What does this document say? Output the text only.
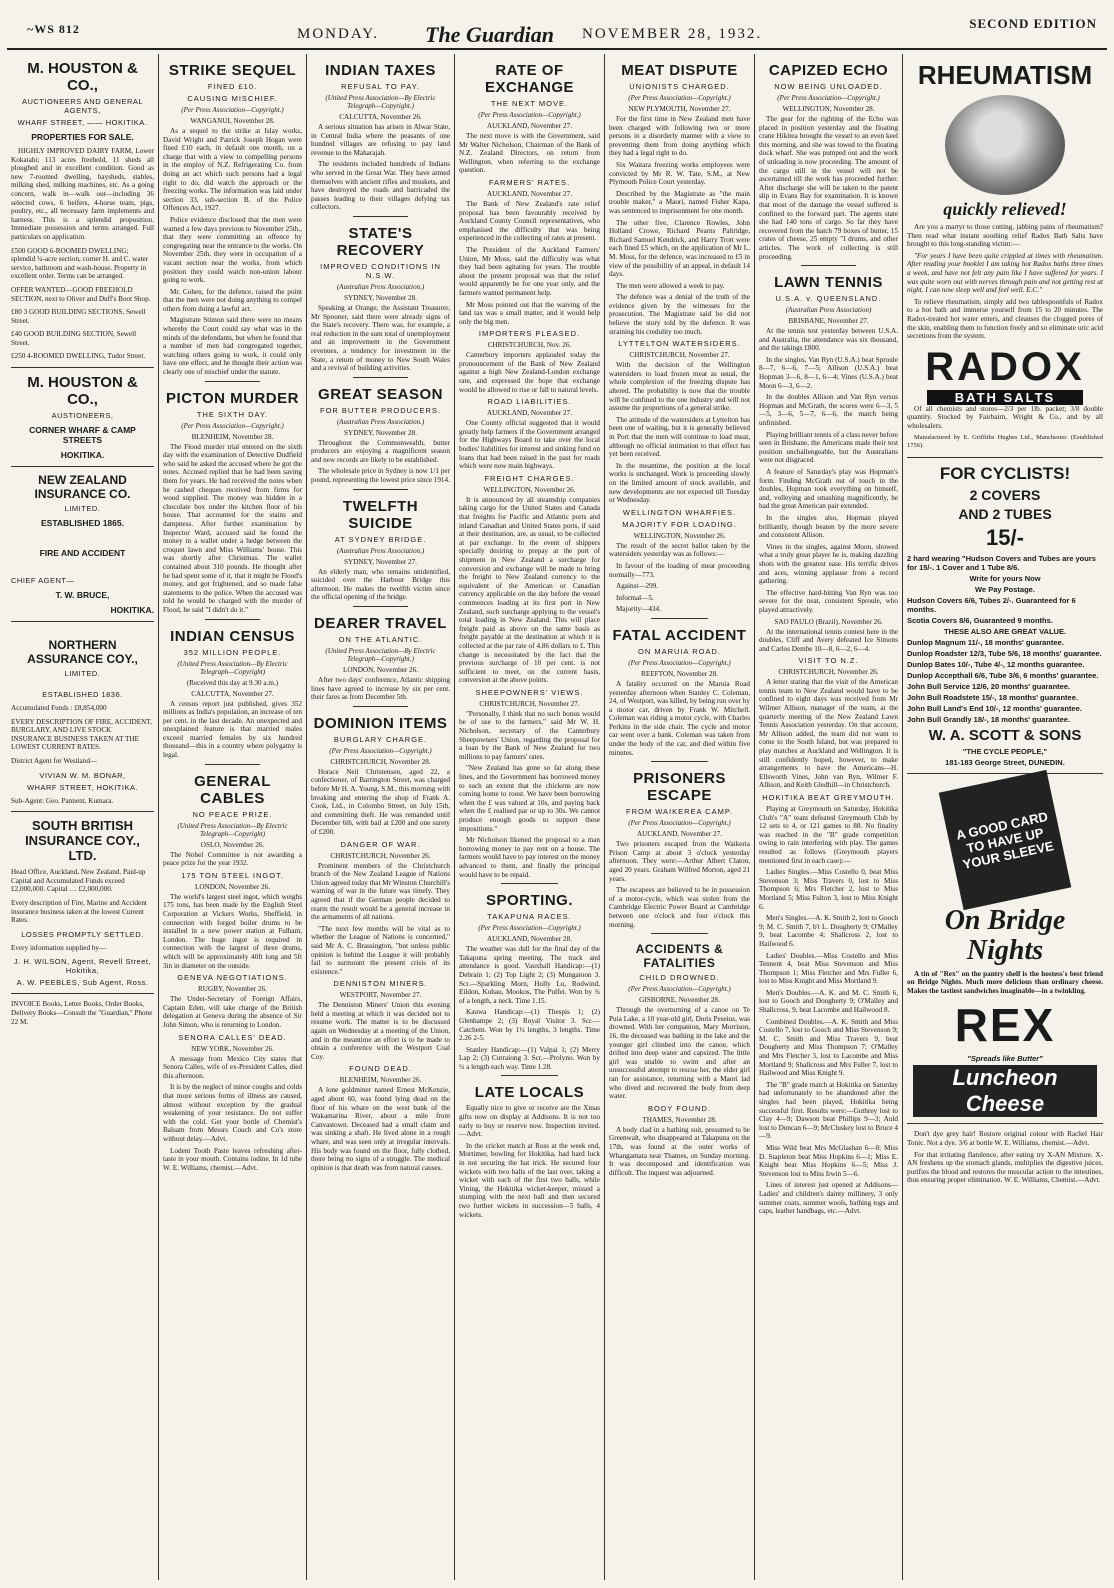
~WS 812	MONDAY. The Guardian NOVEMBER 28, 1932.
SECOND EDITION
M. HOUSTON & CO.,
AUCTIONEERS AND GENERAL AGENTS,
WHARF STREET, —— HOKITIKA.
PROPERTIES FOR SALE.

HIGHLY IMPROVED DAIRY FARM, Lower Kokatahi; 113 acres freehold, 11 sheds all ploughed and in excellent condition. Good as new 7-roomed dwelling, haysheds, stables, milking shed, milking machines, etc. As a going concern, walk in—walk out—including 36 selected cows, 6 heifers, 4-horse team, pigs, poultry, etc., all necessary farm implements and harness. This is a splendid proposition. Immediate possession and terms arranged. Full particulars on application.

£500 GOOD 6-ROOMED DWELLING; splendid ¼-acre section, corner H. and C. water service, bathroom and wash-house. Property in excellent order. Terms can be arranged.
OFFER WANTED—GOOD FREEHOLD SECTION, next to Oliver and Duff's Boot Shop.
£80 3 GOOD BUILDING SECTIONS, Sewell Street.
£40 GOOD BUILDING SECTION, Sewell Street.
£250 4-ROOMED DWELLING, Tudor Street.
M. HOUSTON & CO.,
AUSTIONEERS,
CORNER WHARF & CAMP STREETS
HOKITIKA.
NEW ZEALAND INSURANCE CO.
LIMITED.
ESTABLISHED 1865.
FIRE AND ACCIDENT
CHIEF AGENT—
T. W. BRUCE,
HOKITIKA.
NORTHERN ASSURANCE COY.,
LIMITED.
ESTABLISHED 1836.
Accumulated Funds : £8,854,000
EVERY DESCRIPTION OF FIRE, ACCIDENT, BURGLARY, AND LIVE STOCK INSURANCE BUSINESS TAKEN AT THE LOWEST CURRENT RATES.
District Agent for Westland—
VIVIAN W. M. BONAR,
WHARF STREET, HOKITIKA.
Sub-Agent: Geo. Pannent, Kumara.
SOUTH BRITISH INSURANCE COY., LTD.
Head Office, Auckland, New Zealand. Paid-up Capital and Accumulated Funds exceed £2,000,000. Capital … £2,000,000.
Every description of Fire, Marine and Accident insurance business taken at the lowest Current Rates.
LOSSES PROMPTLY SETTLED.
Every information supplied by—
J. H. WILSON, Agent, Revell Street, Hokitika,
A. W. PEEBLES, Sub Agent, Ross.
INVOICE Books, Letter Books, Order Books, Delivery Books—Consult the "Guardian," Phone 22 M.
STRIKE SEQUEL
FINED £10.
CAUSING MISCHIEF.
(Per Press Association—Copyright.)
WANGANUI, November 28.

As a sequel to the strike at Islay works, David Wright and Patrick Joseph Hogan were fined £10 each, in default one month, on a charge that with a view to compelling persons in the employ of N.Z. Refrigerating Co. from doing an act which such persons had a legal right to do, did watch the approach or the freezing works. The information was laid under section 33, sub-section B. of the Police Offences Act, 1927.

Police evidence disclosed that the men were warned a few days previous to November 25th., that they were committing an offence by congregating near the entrance to the works. On November 25th. they were in occupation of a vacant section near the works, from which position they could watch non-union labour going to work.

Mr. Cohen, for the defence, raised the point that the men were not doing anything to compel others from doing a lawful act.

Magistrate Stimon said there were no means whereby the Court could say what was in the minds of the defendants, but when he found that a number of men had congregated together, watching others going to work, it could only have one effect, and he thought their action was clearly one of mischief under the statute.

PICTON MURDER
THE SIXTH DAY.
(Per Press Association—Copyright.)
BLENHEIM, November 28.

The Flood murder trial entered on the sixth day with the examination of Detective Dudfield who said he asked the accused where he got the notes. Accused replied that he had been saving them for years. He had received the notes when he cashed cheques received from firms for wood supplied. The money was hidden in a chocolate box under the kitchen floor of his house. That accounted for the stains and dampness. After further examination by Inspector Ward, accused said he found the money in a wallet under a hedge between the croquet lawn and Miss Williams' house. This was shortly after Christmas. The wallet contained about 310 pounds. He thought after he had spent some of it, that it might be Flood's money, and got frightened, and so made false statements to the police. When the accused was told he would be charged with the murder of Flood, he said "I didn't do it."

INDIAN CENSUS
352 MILLION PEOPLE.
(United Press Association—By Electric Telegraph—Copyright)
(Received this day at 9.30 a.m.)
CALCUTTA, November 27.

A census report just published, gives 352 millions as India's population, an increase of ten per cent. in the last decade. An unexpected and unexplained feature is that married males exceed married females by six hundred thousand—this in a country where polygamy is legal.

GENERAL CABLES
NO PEACE PRIZE.
(United Press Association—By Electric Telegraph—Copyright)
OSLO, November 26.

The Nobel Committee is not awarding a peace prize for the year 1932.

175 TON STEEL INGOT.
LONDON, November 26.

The world's largest steel ingot, which weighs 175 tons, has been made by the English Steel Corporation at Vickers Works, Sheffield, in connection with forged boiler drums to be installed in a new power station at Fulham, London. The huge ingot is required in connection with the largest of three drums, which will be approximately 40ft long and 5ft 3in in diameter on the outside.

GENEVA NEGOTIATIONS.
RUGBY, November 26.

The Under-Secretary of Foreign Affairs, Captain Eden, will take charge of the British delegation at Geneva during the absence of Sir John Simon, who is returning to London.

SENORA CALLES' DEAD.
NEW YORK, November 26.

A message from Mexico City states that Senora Calles, wife of ex-President Calles, died this afternoon.

It is by the neglect of minor coughs and colds that more serious forms of illness are caused, almost without exception by the gradual weakening of your resistance. Do not suffer with the cold. Get your bottle of Chemist's Balsam from Messrs Couch and Co's store without delay.—Advt.

Lodent Tooth Paste leaves refreshing after-taste in your mouth. Contains iodine. In 1d tube W. E. Williams, chemist.—Advt.

INDIAN TAXES
REFUSAL TO PAY.
(United Press Association—By Electric Telegraph—Copyright.)
CALCUTTA, November 26.

A serious situation has arisen in Alwar State, in Central India where the peasants of one hundred villages are refusing to pay land revenue to the Maharajah.

The residents included hundreds of Indians who served in the Great War. They have armed themselves with ancient rifles and muskets, and have destroyed the roads and barricaded the passes leading to their villages defying tax collectors.

STATE'S RECOVERY
IMPROVED CONDITIONS IN N.S.W.
(Australian Press Association.)
SYDNEY, November 28.

Speaking at Orange, the Assistant Treasurer, Mr Spooner, said there were already signs of the State's recovery. There was, for example, a real reduction in the sum total of unemployment and an improvement in the Government revenues, a tendency for investment in the State, a return of money to New South Wales and a revival of building activities.

GREAT SEASON
FOR BUTTER PRODUCERS.
(Australian Press Association.)
SYDNEY, November 28.

Throughout the Commonwealth, butter producers are enjoying a magnificent season and new records are likely to be established.

The wholesale price in Sydney is now 1/1 per pound, representing the lowest price since 1914.

TWELFTH SUICIDE
AT SYDNEY BRIDGE.
(Australian Press Association.)
SYDNEY, November 27.

An elderly man, who remains unidentified, suicided over the Harbour Bridge this afternoon. He makes the twelfth victim since the official opening of the bridge.

DEARER TRAVEL
ON THE ATLANTIC.
(United Press Association—By Electric Telegraph—Copyright.)
LONDON, November 26.

After two days' conference, Atlantic shipping lines have agreed to increase by six per cent. their fares as from December 5th.

DOMINION ITEMS
BURGLARY CHARGE.
(Per Press Association—Copyright.)
CHRISTCHURCH, November 28.

Horace Neil Christensen, aged 22, a confectioner, of Barrington Street, was charged before Mr H. A. Young, S.M., this morning with breaking and entering the shop of Frank A. Cook, Ltd., in Colombo Street, on July 15th, and committing theft. He was remanded until December 6th, with bail at £200 and one surety of £200.

DANGER OF WAR.
CHRISTCHURCH, November 26.

Prominent members of the Christchurch branch of the New Zealand League of Nations Union agreed today that Mr Winston Churchill's warning of war in the future was timely. They agreed that if the German people decided to rearm the result would be a general increase in the armaments of all nations.

"The next few months will be vital as to whether the League of Nations is concerned," said Mr A. C. Brassington, "but unless public opinion is behind the League it will probably fail to surmount the present crisis of its existence."

DENNISTON MINERS.
WESTPORT, November 27.

The Denniston Miners' Union this evening held a meeting at which it was decided not to resume work. The matter is to be discussed again on Wednesday at a meeting of the Union, and in the meantime an effort is to be made to obtain a conference with the Westport Coal Coy.

FOUND DEAD.
BLENHEIM, November 26.

A lone goldminer named Ernest McKenzie, aged about 60, was found lying dead on the floor of his whare on the west bank of the Wakamarina River, about a mile from Canvastown. Deceased had a small claim and was sinking a shaft. He lived alone in a rough whare, and was seen only at irregular intervals. His body was found on the floor, fully clothed, there being no signs of a struggle. The medical opinion is that death was from natural causes.

RATE OF EXCHANGE
THE NEXT MOVE.
(Per Press Association—Copyright.)
AUCKLAND, November 27.

The next move is with the Government, said Mr Walter Nicholson, Chairman of the Bank of N.Z. Zealand Directors, on return from Wellington, when referring to the exchange question.

FARMERS' RATES.
AUCKLAND, November 27.

The Bank of New Zealand's rate relief proposal has been favourably received by Auckland County Council representatives, who emphasised the difficulty that was being experienced in the collecting of rates at present.

The President of the Auckland Farmers' Union, Mr Moss, said the difficulty was what they had been agitating for years. The trouble about the present proposal was that the relief would apparently be for one year only, and the farmers wanted permanent help.

Mr Moss pointed out that the waiving of the land tax was a small matter, and it would help only the big men.

IMPORTERS PLEASED.
CHRISTCHURCH, Nov. 26.

Canterbury importers applauded today the pronouncement of the Bank of New Zealand against a high New Zealand-London exchange rate, and expressed the hope that exchange would be allowed to rise or fall to natural levels.

ROAD LIABILITIES.
AUCKLAND, November 27.

One County official suggested that it would greatly help farmers if the Government arranged for the Highways Board to take over the local bodies' liabilities for interest and sinking fund on loans that had been raised in the past for roads which were now main highways.

FREIGHT CHARGES.
WELLINGTON, November 26.

It is announced by all steamship companies taking cargo for the United States and Canada that freights for Pacific and Atlantic ports and inland Canadian and United States ports, if said at their destination, are, as usual, to be collected at par exchange. In the event of shippers specially desiring to prepay at the port of shipment in New Zealand a surcharge for conversion and exchange will be made to bring the freight to New Zealand currency to the equivalent of the American or Canadian currency applicable on the day before the vessel commences loading at its first port in New Zealand, such surcharge applying to the vessel's total loading in New Zealand. This will place freight paid as above on the same basis as freight payable at the destination at which it is collected at the par rate of 4.86 dollars to £. This change is necessitated by the fact that the previous surcharge of 10 per cent. is not sufficient to meet, on the current basis, conversion at the above points.

SHEEPOWNERS' VIEWS.
CHRISTCHURCH, November 27.

"Personally, I think that no such bonus would be of use to the farmers," said Mr W. H. Nicholson, secretary of the Canterbury Sheepowners' Union, regarding the proposal for a loan by the Bank of New Zealand for two millions to pay farmers' rates.

"New Zealand has gone so far along these lines, and the Government has borrowed money to such an extent that the chickens are now coming home to roost. We have been borrowing when the £ was valued at 10s, and paying back when the £ realised par or up to 30s. We cannot produce enough goods to support these impositions."

Mr Nicholson likened the proposal to a man borrowing money to pay rent on a house. The farmers would have to pay interest on the money advanced to them, and finally the principal would have to be repaid.

SPORTING.
TAKAPUNA RACES.
(Per Press Association—Copyright.)
AUCKLAND, November 28.

The weather was dull for the final day of the Takapuna spring meeting. The track and attendance is good. Vauxhall Handicap:—(1) Debrain 1; (2) Top Light 2; (3) Mungatoon 3. Scr.—Sparkling Morn, Holly Lu, Rodwind, Eildon, Kohau, Mookos, The Pulfet. Won by ¾ of a length, a neck. Time 1.15.

Kauwa Handicap:—(1) Thespis 1; (2) Glenhampe 2; (3) Royal Visitor 3. Scr.—Catchem. Won by 1½ lengths, 3 lengths. Time 2.26 2-5.

Stanley Handicap:—(1) Valpai 1; (2) Merry Lap 2; (3) Curraiong 3. Scr.—Prolyno. Won by ½ a length each way. Time 1.28.

LATE LOCALS

Equally nice to give or receive are the Xmas gifts now on display at Addisons. It is not too early to buy or reserve now. Inspection invited.—Advt.

In the cricket match at Ross at the week end, Mortimer, bowling for Hokitika, had hard luck in not securing the hat trick. He secured four wickets with two balls of the last over, taking a wicket with each of the first two balls, while Vining, the Hokitika wicket-keeper, missed a stumping with the next ball and then secured two further wickets in succession—5 balls, 4 wickets.

MEAT DISPUTE
UNIONISTS CHARGED.
(Per Press Association—Copyright.)
NEW PLYMOUTH, November 27.

For the first time in New Zealand men have been charged with following two or more persons in a disorderly manner with a view to preventing them from doing anything which they had a legal right to do.

Six Waitara freezing works employees were convicted by Mr R. W. Tate, S.M., at New Plymouth Police Court yesterday.

Described by the Magistrate as "the main trouble maker," a Maori, named Fisher Kapa, was sentenced to imprisonment for one month.

The other five, Clarence Rowles, John Holland Crowe, Richard Pearns Paltridge, Richard Samuel Kendrick, and Harry Trott were each fined £5 which, on the application of Mr L. M. Moss, for the defence, was increased to £5 in view of the possibility of an appeal, in default 14 days.

The men were allowed a week to pay.

The defence was a denial of the truth of the evidence given by the witnesses for the prosecution. The Magistrate said he did not believe the story told by the defence. It was straining his credulity too much.

LYTTELTON WATERSIDERS.
CHRISTCHURCH, November 27.

With the decision of the Wellington watersiders to load frozen meat as usual, the whole complexion of the freezing dispute has altered. The probability is now that the trouble will be confined to the one industry and will not assume the proportions of a general strike.

The attitude of the watersiders at Lyttelton has been one of waiting, but it is generally believed in Port that the men will continue to load meat, although no official intimation to that effect has yet been received.

In the meantime, the position at the local works is unchanged. Work is proceeding slowly on the limited amount of stock available, and new developments are not expected till Tuesday or Wednesday.

WELLINGTON WHARFIES.
MAJORITY FOR LOADING.
WELLINGTON, November 26.

The result of the secret ballot taken by the watersiders yesterday was as follows:—

In favour of the loading of meat proceeding normally—773.

Against—299.

Informal—5.

Majority—434.

FATAL ACCIDENT
ON MARUIA ROAD.
(Per Press Association—Copyright.)
REEFTON, November 28.

A fatality occurred on the Maruia Road yesterday afternoon when Stanley C. Coleman, 24, of Westport, was killed, by being run over by a motor car, driven by Frank W. Mitchell. Coleman was riding a motor cycle, with Charles Perkins in the side chair. The cycle and motor car went over a bank. Coleman was taken from under the body of the car, and died within five minutes.

PRISONERS ESCAPE
FROM WAIKEREA CAMP.
(Per Press Association—Copyright.)
AUCKLAND, November 27.

Two prisoners escaped from the Waikeria Prison Camp at about 3 o'clock yesterday afternoon. They were:—Arthur Albert Claton, aged 20 years. Graham Wilfred Morton, aged 21 years.

The escapees are believed to be in possession of a motor-cycle, which was stolen from the Cambridge Electric Power Board at Cambridge between one o'clock and four o'clock this morning.

ACCIDENTS & FATALITIES
CHILD DROWNED.
(Per Press Association—Copyright.)
GISBORNE, November 28.

Through the overturning of a canoe on Te Puia Lake, a 10 year-old girl, Doris Peseius, was drowned. With her companion, Mary Morrison, 16, the deceased was bathing in the lake and the younger girl climbed into the canoe, which drifted into deep water and capsized. The little girl was unable to swim and after an unsuccessful attempt to rescue her, the elder girl ran for assistance, returning with a Maori lad who dived and recovered the body from deep water.

BODY FOUND.
THAMES, November 28.

A body clad in a bathing suit, presumed to be Greenwalt, who disappeared at Takapuna on the 17th, was found at the outer works of Whangamata near Thames, on Sunday morning. It was decomposed and identification was difficult. The inquest was adjourned.

CAPIZED ECHO
NOW BEING UNLOADED.
(Per Press Association—Copyright.)
WELLINGTON, November 28.

The gear for the righting of the Echo was placed in position yesterday and the floating crane Hikitea brought the vessel to an even keel this morning, and she was towed to the floating dock wharf. She was pumped out and the work of unloading is now proceeding. The amount of the cargo still in the vessel will not be ascertained till the work has proceeded further. After discharge she will be taken to the patent slip in Evans Bay for examination. It is known that most of the damage the vessel suffered is confined to the forward part. The agents state she had 140 tons of cargo. So far they have recovered from the hatch 79 boxes of butter, 15 crates of cheese, 25 empty "I drums, and other articles. The work of collecting is still proceeding.

LAWN TENNIS
U.S.A. v. QUEENSLAND.
(Australian Press Association)
BRISBANE, November 27.

At the tennis test yesterday between U.S.A. and Australia, the attendance was six thousand, and the takings £800.

In the singles, Van Ryn (U.S.A.) beat Sproule 8—7, 6—6, 7—5; Allison (U.S.A.) beat Hopman 3—6, 8—1, 6—4; Vines (U.S.A.) beat Moon 6—3, 6—2.

In the doubles Allison and Van Ryn versus Hopman and McGrath, the scores were 6—3, 5—5, 3—6, 5—7, 6—6, the match being unfinished.

Playing brilliant tennis of a class never before seen in Brisbane, the Americans made their test position unchallengeable, but the Australians were not disgraced.

A feature of Saturday's play was Hopman's form. Finding McGrath out of touch in the doubles, Hopman took everything on himself, and, volleying and smashing magnificently, he had the great American pair extended.

In the singles also, Hopman played brilliantly, though beaten by the more severe and consistent Allison.

Vines in the singles, against Moon, showed what a truly great player he is, making dazzling shots with the greatest ease. His terrific drives and aces, winning applause from a record gathering.

The effective hard-hitting Van Ryn was too severe for the neat, consistent Sproule, who played attractively.

SAO PAULO (Brazil), November 26.

At the international tennis contest here in the doubles, Cliff and Avery defeated Ice Simons and Carlos Dembe 10—8, 6—2, 6—4.

VISIT TO N.Z.
CHRISTCHURCH, November 26.

A letter stating that the visit of the American tennis team to New Zealand would have to be confined to eight days was received from Mr Wilmer Allison, manager of the team, at the quarterly meeting of the New Zealand Lawn Tennis Association yesterday. On that account, Mr Allison added, the team did not want to come to the South Island, but was prepared to play matches at Auckland and Wellington. It is still confidently hoped, however, to make arrangements to have the Americans—H. Ellsworth Vines, John van Ryn, Wilmer F. Allison, and Keith Gledhill—in Christchurch.

HOKITIKA BEAT GREYMOUTH.

Playing at Greymouth on Saturday, Hokitika Club's "A" team defeated Greymouth Club by 12 sets to 4, or 121 games to 88. No finality was reached in the "B" grade competition owing to rain interfering with play. The games resulted as follows (Greymouth players mentioned first in each case):—

Ladies Singles.—Miss Costello 0, beat Miss Stevenson 3; Miss Travers 0, lost to Miss Thompson 6; Mrs Fletcher 2, lost to Miss Mortland 5; Miss Fulton 3, lost to Miss Knight 6.

Men's Singles.—A. K. Smith 2, lost to Gooch 9; M. C. Smith 7, b't L. Dougherty 9; O'Malley 9, beat Lacombe 4; Shallcross 2, lost to Hailwood 6.

Ladies' Doubles.—Miss Costello and Miss Tennent 4, beat Miss Stevenson and Miss Thompson 1; Miss Fletcher and Mrs Fuller 6, lost to Miss Knight and Miss Mortland 9.

Men's Doubles.—A. K. and M. C. Smith 6, lost to Gooch and Dougherty 9; O'Malley and Shallcross, 9, beat Lacombe and Hailwood 8.

Combined Doubles.—A. K. Smith and Miss Costello 7, lost to Gooch and Miss Stevenson 9; M. C. Smith and Miss Travers 9, beat Dougherty and Miss Thompson 7; O'Malley and Mrs Fletcher 3, lost to Lacombe and Miss Mortland 9; Shallcross and Mrs Fuller 7, lost to Hailwood and Miss Knight 9.

The "B" grade match at Hokitika on Saturday had unfortunately to be abandoned after the singles had been played, Hokitika being successful first. Results were:—Guthrey lost to Clay 4—9; Dawson beat Phillips 9—3; Auld lost to Duncan 6—9; McCluskey lost to Bruce 4—9.

Miss Wild beat Mrs McGlashan 6—0; Miss D. Stapleton beat Miss Hopkins 6—1; Miss E. Knight beat Miss Hopkins 6—5; Miss J. Stevenson lost to Miss Irwin 5—6.

Lines of interest just opened at Addisons—Ladies' and children's dainty millinery, 3 only summer coats, summer wools, bathing togs and caps, leather handbags, etc.—Advt.

RHEUMATISM
quickly relieved!

Are you a martyr to those cutting, jabbing pains of rheumatism? Then read what instant soothing relief Radox Bath Salts have brought to this long-standing victim:—

"For years I have been quite crippled at times with rheumatism. After reading your booklet I am taking hot Radox baths three times a week, and have not felt any pain like I have suffered for years. I was quite worn out with nerves through pain and not getting rest at night. I can now sleep well and feel well. E.C."

To relieve rheumatism, simply add two tablespoonfuls of Radox to a hot bath and immerse yourself from 15 to 20 minutes. The Radox-treated hot water enters, and cleanses the clogged pores of the skin, enabling them to function freely and so eliminate uric acid secretions from the system.

RADOX
BATH SALTS

Of all chemists and stores—2/3 per 1lb. packet; 3/8 double quantity. Stocked by Fairbairn, Wright & Co., and by all wholesalers.

Manufactured by E. Griffiths Hughes Ltd., Manchester. (Established 1756).

FOR CYCLISTS!
2 COVERS
AND 2 TUBES
15/-
2 hard wearing "Hudson Covers and Tubes are yours for 15/-. 1 Cover and 1 Tube 8/6.
Write for yours Now
We Pay Postage.
Hudson Covers 6/6, Tubes 2/-. Guaranteed for 6 months.
Scotia Covers 8/6, Guaranteed 9 months.
THESE ALSO ARE GREAT VALUE.
Dunlop Magnum 11/-, 18 months' guarantee.
Dunlop Roadster 12/3, Tube 5/6, 18 months' guarantee.
Dunlop Bates 10/-, Tube 4/-, 12 months guarantee.
Dunlop Accepthall 6/6, Tube 3/6, 6 months' guarantee.
John Bull Service 12/6, 20 months' guarantee.
John Bull Roadstete 15/-, 18 months' guarantee.
John Bull Land's End 10/-, 12 months' guarantee.
John Bull Grandly 18/-, 18 months' guarantee.
W. A. SCOTT & SONS
"THE CYCLE PEOPLE,"
181-183 George Street, DUNEDIN.
A GOOD CARD TO HAVE UP YOUR SLEEVE
On Bridge Nights

A tin of "Rex" on the pantry shelf is the hostess's best friend on Bridge Nights. Much more delicious than ordinary cheese. Makes the tastiest sandwiches imaginable—in a twinkling.

REX
"Spreads like Butter"
Luncheon Cheese

Don't dye grey hair! Restore original colour with Rachel Hair Tonic. Not a dye. 3/6 at bottle W. E. Williams, chemist.—Advt.

For that irritating flatulence, after eating try X-AN Mixture. X-AN freshens up the stomach glands, multiplies the digestive juices, purifies the blood and restores the muscular action to the intestines, thus ensuring proper elimination. W. E. Williams, Chemist.—Advt.
